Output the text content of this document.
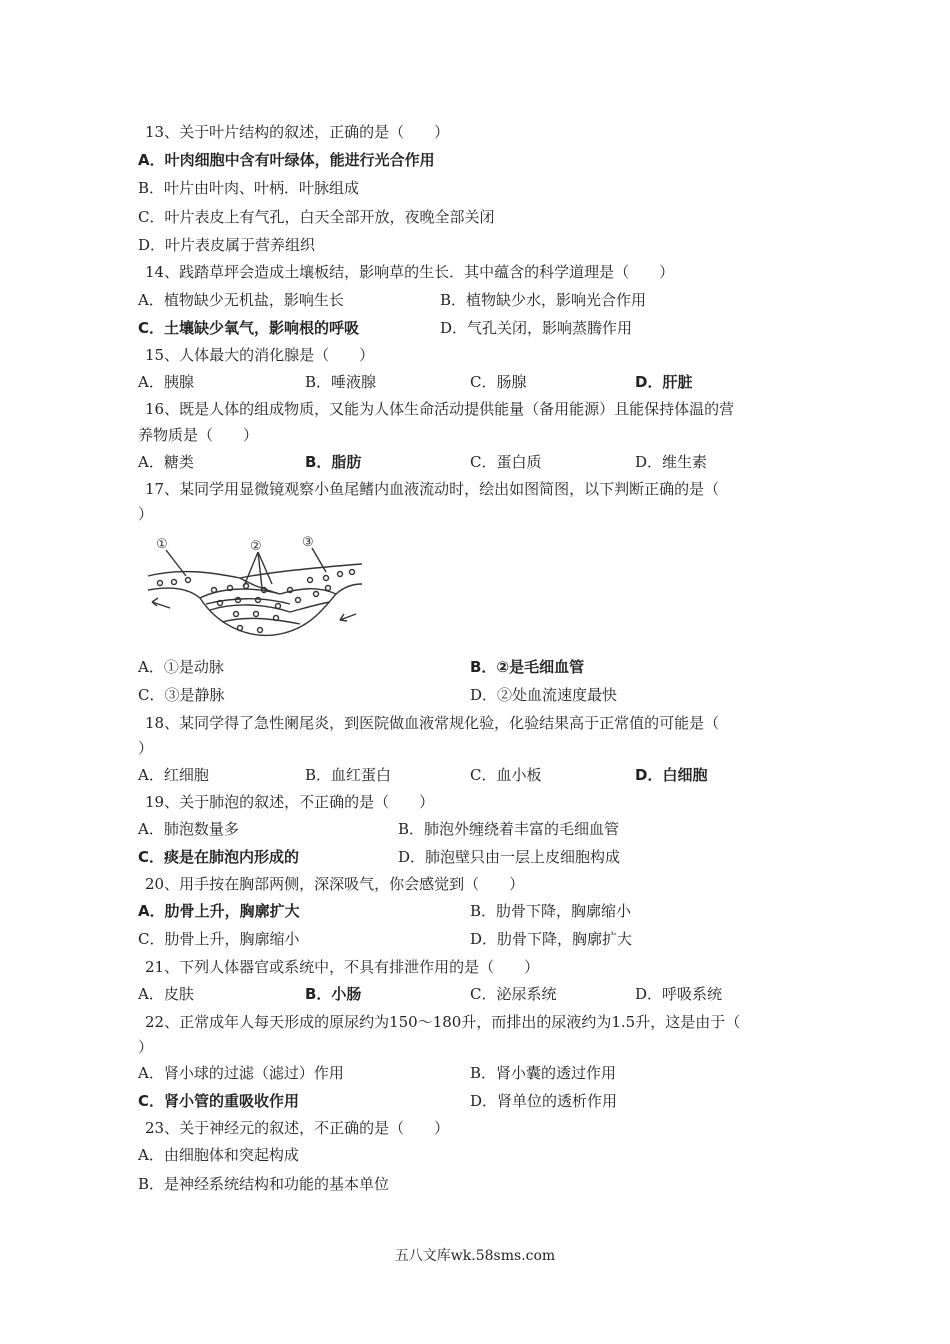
13、关于叶片结构的叙述，正确的是（　　）
A．叶肉细胞中含有叶绿体，能进行光合作用
B．叶片由叶肉、叶柄．叶脉组成
C．叶片表皮上有气孔，白天全部开放，夜晚全部关闭
D．叶片表皮属于营养组织
14、践踏草坪会造成土壤板结，影响草的生长．其中蕴含的科学道理是（　　）
A．植物缺少无机盐，影响生长	B．植物缺少水，影响光合作用
C．土壤缺少氧气，影响根的呼吸	D．气孔关闭，影响蒸腾作用
15、人体最大的消化腺是（　　）
A．胰腺	B．唾液腺	C．肠腺	D．肝脏
16、既是人体的组成物质，又能为人体生命活动提供能量（备用能源）且能保持体温的营
养物质是（　　）
A．糖类	B．脂肪	C．蛋白质	D．维生素
17、某同学用显微镜观察小鱼尾鳍内血液流动时，绘出如图简图，以下判断正确的是（
）
①	②	③
A．①是动脉	B．②是毛细血管
C．③是静脉	D．②处血流速度最快
18、某同学得了急性阑尾炎，到医院做血液常规化验，化验结果高于正常值的可能是（
）
A．红细胞	B．血红蛋白	C．血小板	D．白细胞
19、关于肺泡的叙述，不正确的是（　　）
A．肺泡数量多	B．肺泡外缠绕着丰富的毛细血管
C．痰是在肺泡内形成的	D．肺泡壁只由一层上皮细胞构成
20、用手按在胸部两侧，深深吸气，你会感觉到（　　）
A．肋骨上升，胸廓扩大	B．肋骨下降，胸廓缩小
C．肋骨上升，胸廓缩小	D．肋骨下降，胸廓扩大
21、下列人体器官或系统中，不具有排泄作用的是（　　）
A．皮肤	B．小肠	C．泌尿系统	D．呼吸系统
22、正常成年人每天形成的原尿约为150～180升，而排出的尿液约为1.5升，这是由于（
）
A．肾小球的过滤（滤过）作用	B．肾小囊的透过作用
C．肾小管的重吸收作用	D．肾单位的透析作用
23、关于神经元的叙述，不正确的是（　　）
A．由细胞体和突起构成
B．是神经系统结构和功能的基本单位
五八文库wk.58sms.com
